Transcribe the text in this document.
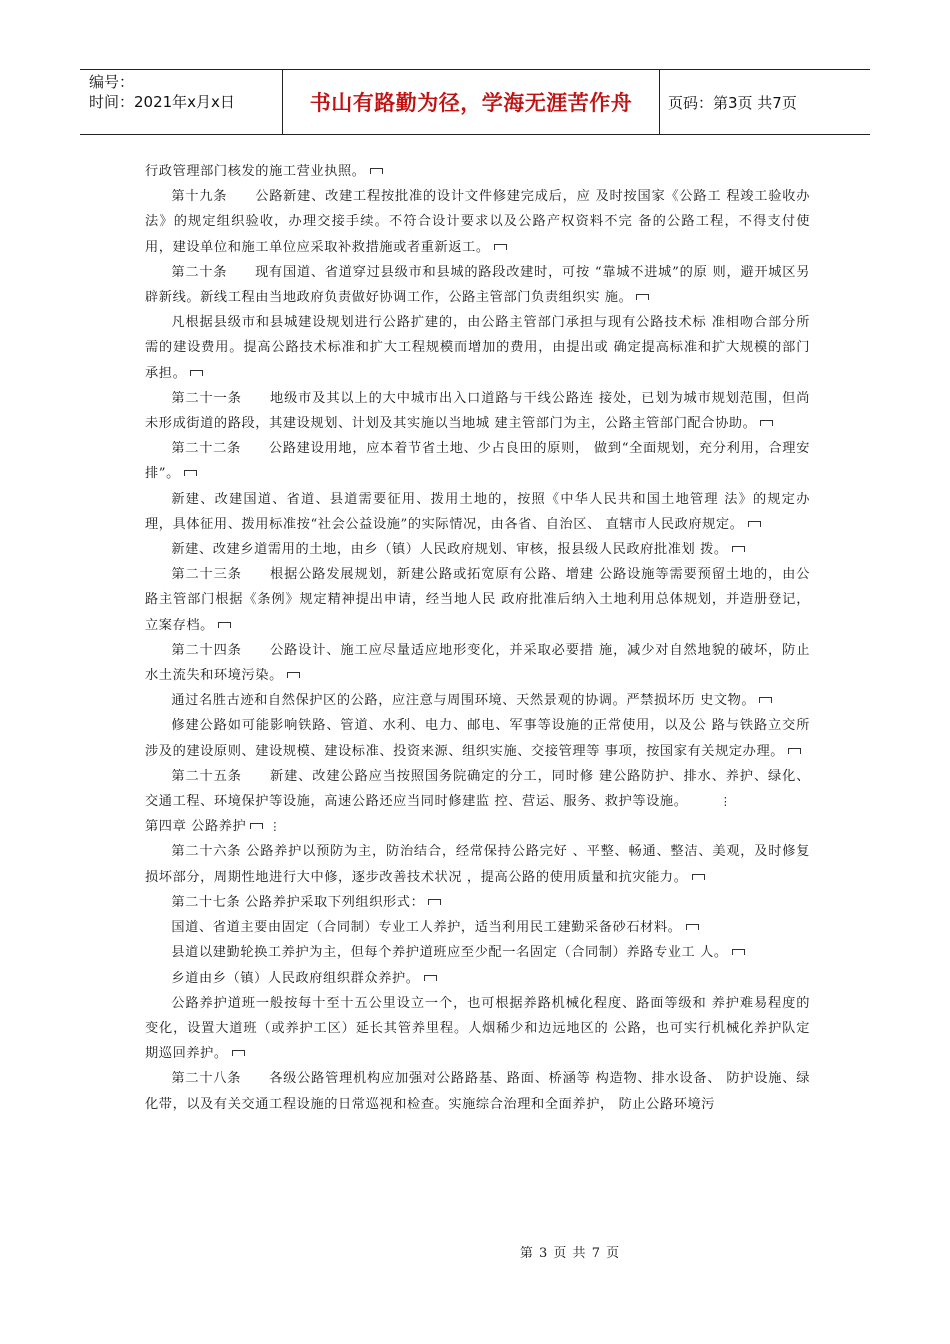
编号：
时间：2021年x月x日	书山有路勤为径，学海无涯苦作舟	页码：第3页 共7页

行政管理部门核发的施工营业执照。

第十九条　　公路新建、改建工程按批准的设计文件修建完成后，应 及时按国家《公路工 程竣工验收办法》的规定组织验收，办理交接手续。不符合设计要求以及公路产权资料不完 备的公路工程，不得支付使用，建设单位和施工单位应采取补救措施或者重新返工。

第二十条　　现有国道、省道穿过县级市和县城的路段改建时，可按 “靠城不进城”的原 则，避开城区另辟新线。新线工程由当地政府负责做好协调工作，公路主管部门负责组织实 施。

凡根据县级市和县城建设规划进行公路扩建的，由公路主管部门承担与现有公路技术标 准相吻合部分所需的建设费用。提高公路技术标准和扩大工程规模而增加的费用，由提出或 确定提高标准和扩大规模的部门承担。

第二十一条　　地级市及其以上的大中城市出入口道路与干线公路连 接处，已划为城市规划范围，但尚未形成街道的路段，其建设规划、计划及其实施以当地城 建主管部门为主，公路主管部门配合协助。

第二十二条　　公路建设用地，应本着节省土地、少占良田的原则， 做到“全面规划，充分利用，合理安排”。

新建、改建国道、省道、县道需要征用、拨用土地的，按照《中华人民共和国土地管理 法》的规定办理，具体征用、拨用标准按“社会公益设施”的实际情况，由各省、自治区、 直辖市人民政府规定。

新建、改建乡道需用的土地，由乡（镇）人民政府规划、审核，报县级人民政府批准划 拨。

第二十三条　　根据公路发展规划，新建公路或拓宽原有公路、增建 公路设施等需要预留土地的，由公路主管部门根据《条例》规定精神提出申请，经当地人民 政府批准后纳入土地利用总体规划，并造册登记，立案存档。

第二十四条　　公路设计、施工应尽量适应地形变化，并采取必要措 施，减少对自然地貌的破坏，防止水土流失和环境污染。

通过名胜古迹和自然保护区的公路，应注意与周围环境、天然景观的协调。严禁损坏历 史文物。

修建公路如可能影响铁路、管道、水利、电力、邮电、军事等设施的正常使用，以及公 路与铁路立交所涉及的建设原则、建设规模、建设标准、投资来源、组织实施、交接管理等 事项，按国家有关规定办理。

第二十五条　　新建、改建公路应当按照国务院确定的分工，同时修 建公路防护、排水、养护、绿化、交通工程、环境保护等设施，高速公路还应当同时修建监 控、营运、服务、救护等设施。	⋮

第四章 公路养护 ⋮

第二十六条 公路养护以预防为主，防治结合，经常保持公路完好 、平整、畅通、整洁、美观，及时修复损坏部分，周期性地进行大中修，逐步改善技术状况 ，提高公路的使用质量和抗灾能力。

第二十七条 公路养护采取下列组织形式：

国道、省道主要由固定（合同制）专业工人养护，适当利用民工建勤采备砂石材料。

县道以建勤轮换工养护为主，但每个养护道班应至少配一名固定（合同制）养路专业工 人。

乡道由乡（镇）人民政府组织群众养护。

公路养护道班一般按每十至十五公里设立一个，也可根据养路机械化程度、路面等级和 养护难易程度的变化，设置大道班（或养护工区）延长其管养里程。人烟稀少和边远地区的 公路，也可实行机械化养护队定期巡回养护。

第二十八条　　各级公路管理机构应加强对公路路基、路面、桥涵等 构造物、排水设备、 防护设施、绿化带，以及有关交通工程设施的日常巡视和检查。实施综合治理和全面养护， 防止公路环境污

第 3 页 共 7 页
